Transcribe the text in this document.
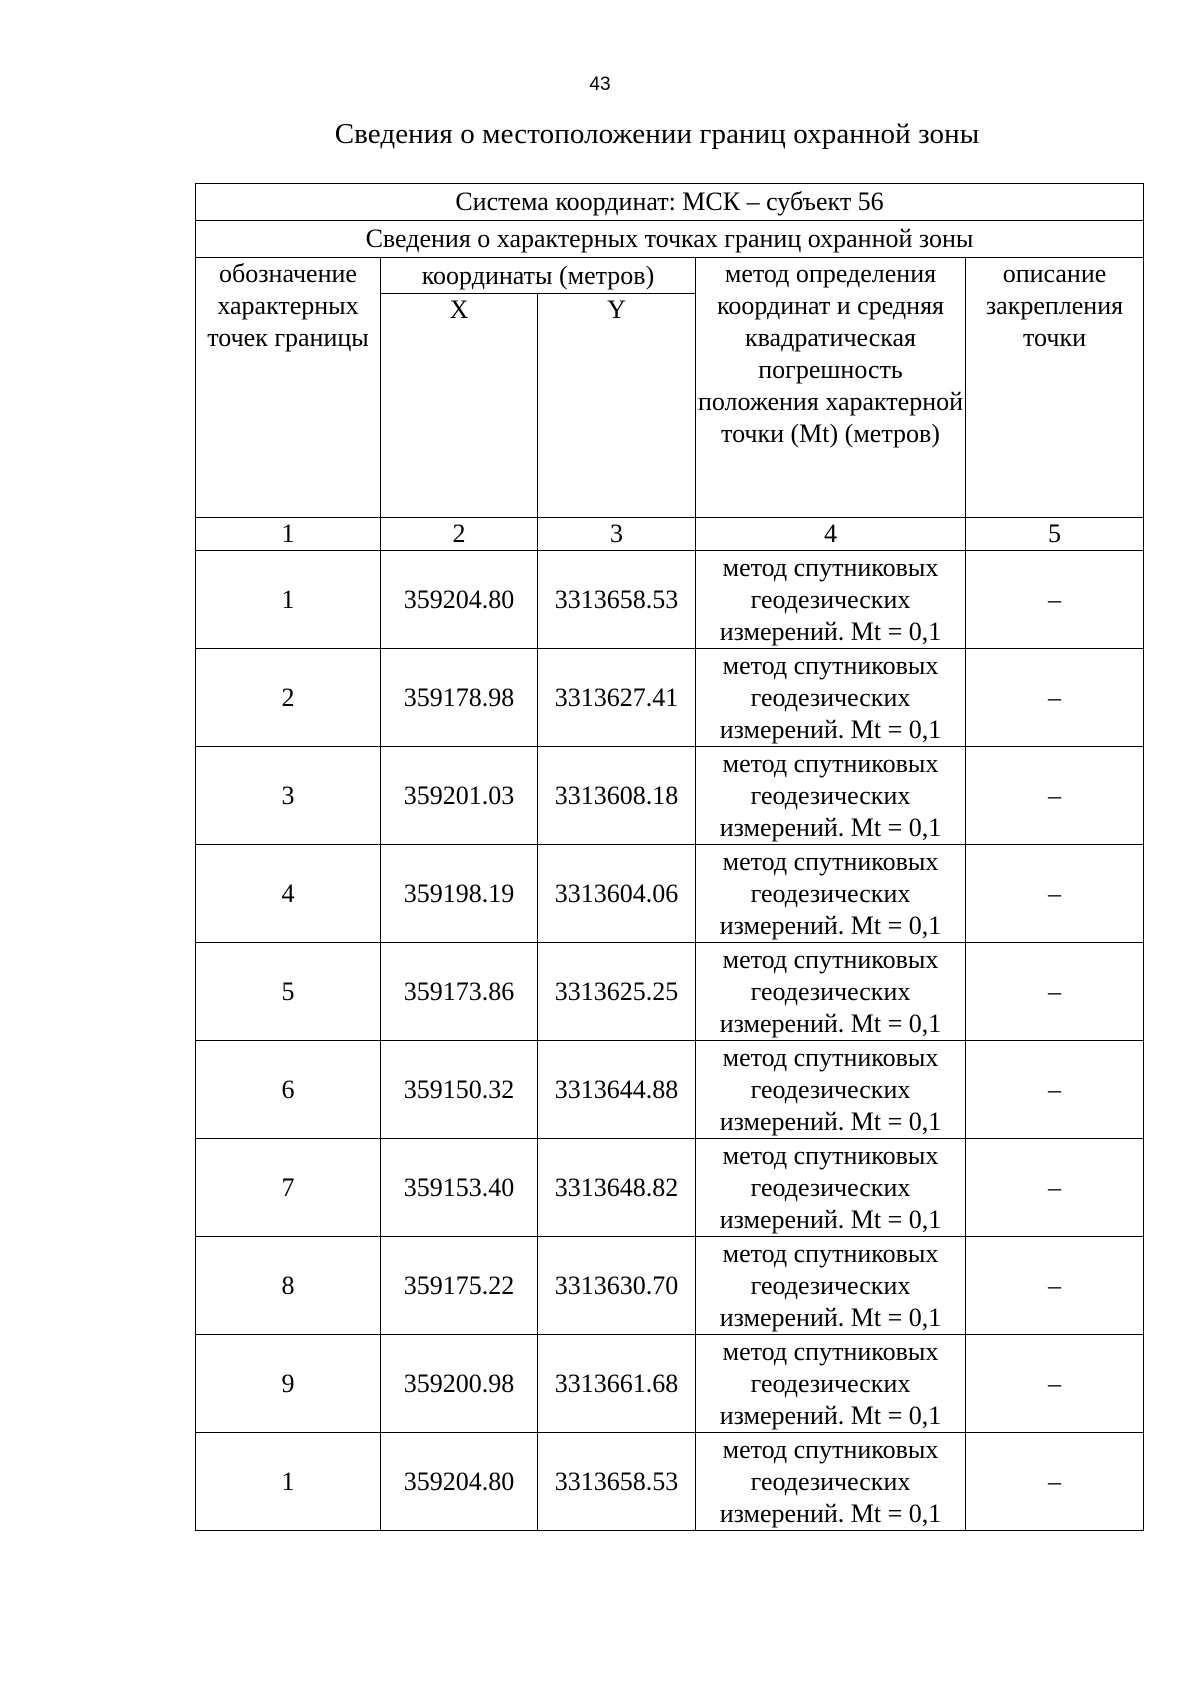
43
Сведения о местоположении границ охранной зоны
Система координат: МСК – субъект 56				
Сведения о характерных точках границ охранной зоны				
обозначение характерных точек границы	координаты (метров)		метод определения координат и средняя квадратическая погрешность положения характерной точки (Mt) (метров)	описание закрепления точки
	X	Y		
1	2	3	4	5
1	359204.80	3313658.53	метод спутниковых геодезических измерений. Mt = 0,1	–
2	359178.98	3313627.41	метод спутниковых геодезических измерений. Mt = 0,1	–
3	359201.03	3313608.18	метод спутниковых геодезических измерений. Mt = 0,1	–
4	359198.19	3313604.06	метод спутниковых геодезических измерений. Mt = 0,1	–
5	359173.86	3313625.25	метод спутниковых геодезических измерений. Mt = 0,1	–
6	359150.32	3313644.88	метод спутниковых геодезических измерений. Mt = 0,1	–
7	359153.40	3313648.82	метод спутниковых геодезических измерений. Mt = 0,1	–
8	359175.22	3313630.70	метод спутниковых геодезических измерений. Mt = 0,1	–
9	359200.98	3313661.68	метод спутниковых геодезических измерений. Mt = 0,1	–
1	359204.80	3313658.53	метод спутниковых геодезических измерений. Mt = 0,1	–
